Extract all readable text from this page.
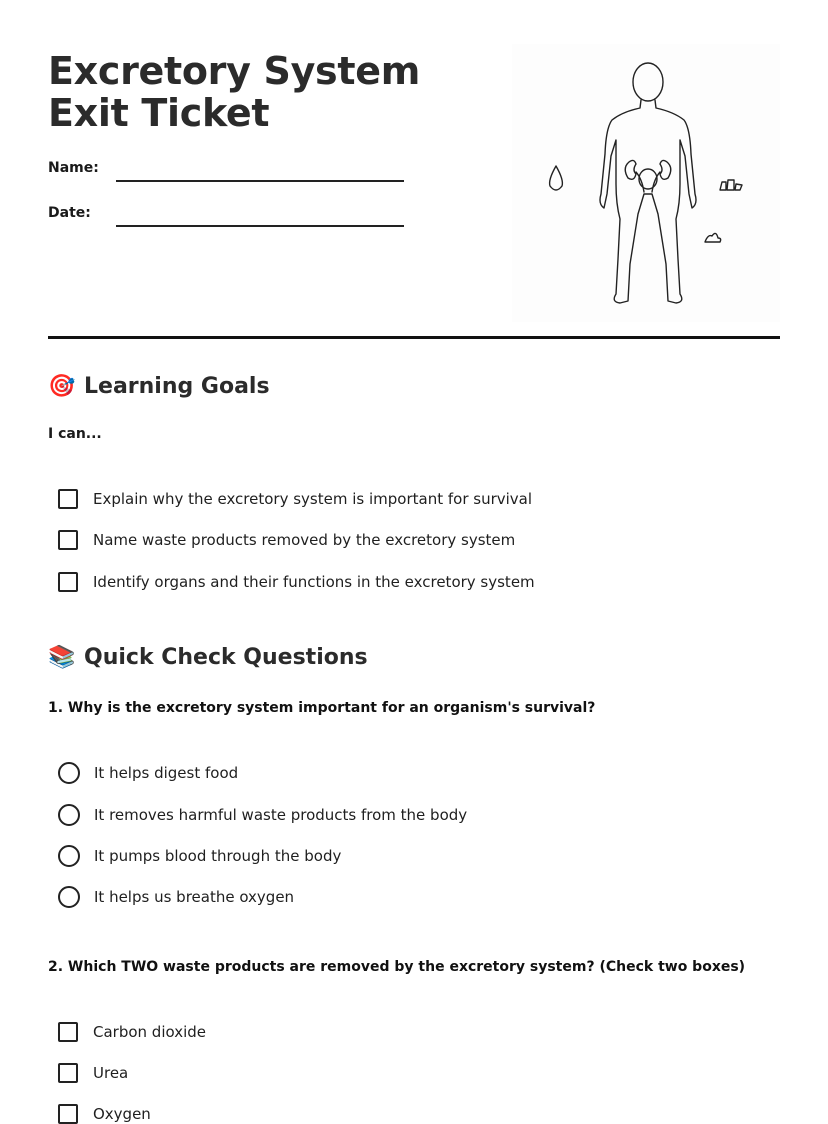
Excretory System Exit Ticket
Name:
Date:
🎯 Learning Goals
I can...
Explain why the excretory system is important for survival
Name waste products removed by the excretory system
Identify organs and their functions in the excretory system
📚 Quick Check Questions
1. Why is the excretory system important for an organism's survival?
It helps digest food
It removes harmful waste products from the body
It pumps blood through the body
It helps us breathe oxygen
2. Which TWO waste products are removed by the excretory system? (Check two boxes)
Carbon dioxide
Urea
Oxygen
